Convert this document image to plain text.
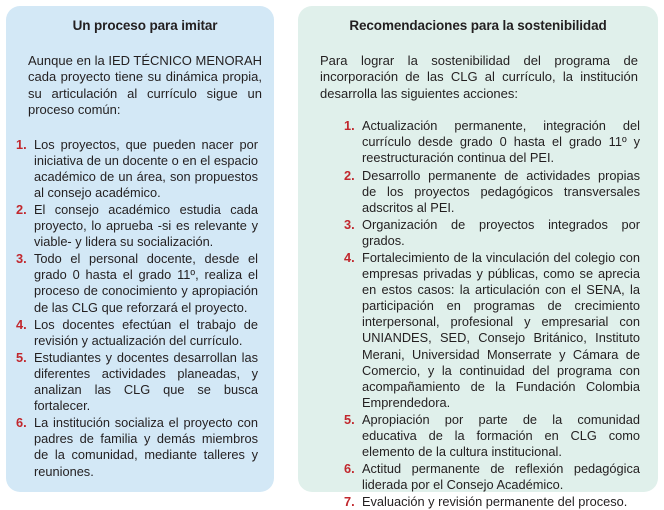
Un proceso para imitar
Aunque en la IED TÉCNICO MENORAH cada proyecto tiene su dinámica propia, su articulación al currículo sigue un proceso común:
1. Los proyectos, que pueden nacer por iniciativa de un docente o en el espacio académico de un área, son propuestos al consejo académico.
2. El consejo académico estudia cada proyecto, lo aprueba -si es relevante y viable- y lidera su socialización.
3. Todo el personal docente, desde el grado 0 hasta el grado 11º, realiza el proceso de conocimiento y apropiación de las CLG que reforzará el proyecto.
4. Los docentes efectúan el trabajo de revisión y actualización del currículo.
5. Estudiantes y docentes desarrollan las diferentes actividades planeadas, y analizan las CLG que se busca fortalecer.
6. La institución socializa el proyecto con padres de familia y demás miembros de la comunidad, mediante talleres y reuniones.
Recomendaciones para la sostenibilidad
Para lograr la sostenibilidad del programa de incorporación de las CLG al currículo, la institución desarrolla las siguientes acciones:
1. Actualización permanente, integración del currículo desde grado 0 hasta el grado 11º y reestructuración continua del PEI.
2. Desarrollo permanente de actividades propias de los proyectos pedagógicos transversales adscritos al PEI.
3. Organización de proyectos integrados por grados.
4. Fortalecimiento de la vinculación del colegio con empresas privadas y públicas, como se aprecia en estos casos: la articulación con el SENA, la participación en programas de crecimiento interpersonal, profesional y empresarial con UNIANDES, SED, Consejo Británico, Instituto Merani, Universidad Monserrate y Cámara de Comercio, y la continuidad del programa con acompañamiento de la Fundación Colombia Emprendedora.
5. Apropiación por parte de la comunidad educativa de la formación en CLG como elemento de la cultura institucional.
6. Actitud permanente de reflexión pedagógica liderada por el Consejo Académico.
7. Evaluación y revisión permanente del proceso.
